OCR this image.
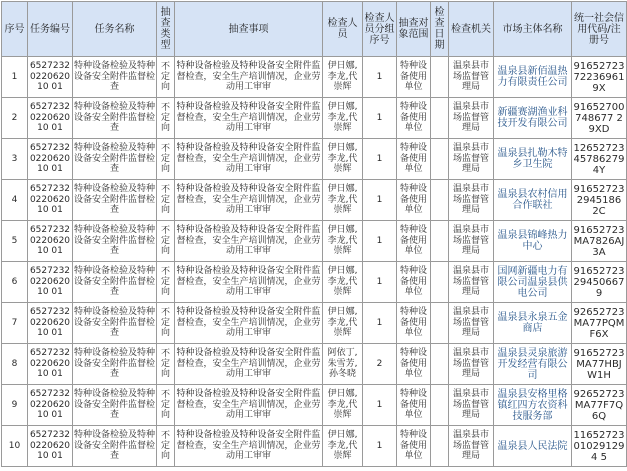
序号	任务编号	任务名称	抽查类型	抽查事项	检查人员	检查人员分组序号	抽查对象范围	检查日期	检查机关	市场主体名称	统一社会信用代码/注册号
1	6527232022062010 01	特种设备检验及特种设备安全附件监督检查	不定向	特种设备检验及特种设备安全附件监督检查，安全生产培训情况，企业劳动用工审审	伊日娜,李龙,代崇辉	1	特种设备使用单位		温泉县市场监督管理局	温泉县新佰温热力有限责任公司	91652723722369619X
2	6527232022062010 01	特种设备检验及特种设备安全附件监督检查	不定向	特种设备检验及特种设备安全附件监督检查，安全生产培训情况，企业劳动用工审审	伊日娜,李龙,代崇辉	1	特种设备使用单位		温泉县市场监督管理局	新疆赛湖渔业科技开发有限公司	91652700748677 29XD
3	6527232022062010 01	特种设备检验及特种设备安全附件监督检查	不定向	特种设备检验及特种设备安全附件监督检查，安全生产培训情况，企业劳动用工审审	伊日娜,李龙,代崇辉	1	特种设备使用单位		温泉县市场监督管理局	温泉县扎勒木特乡卫生院	12652723457862794Y
4	6527232022062010 01	特种设备检验及特种设备安全附件监督检查	不定向	特种设备检验及特种设备安全附件监督检查，安全生产培训情况，企业劳动用工审审	伊日娜,李龙,代崇辉	1	特种设备使用单位		温泉县市场监督管理局	温泉县农村信用合作联社	916527232945186 2C
5	6527232022062010 01	特种设备检验及特种设备安全附件监督检查	不定向	特种设备检验及特种设备安全附件监督检查，安全生产培训情况，企业劳动用工审审	伊日娜,李龙,代崇辉	1	特种设备使用单位		温泉县市场监督管理局	温泉县锦峰热力中心	91652723MA7826AJ3A
6	6527232022062010 01	特种设备检验及特种设备安全附件监督检查	不定向	特种设备检验及特种设备安全附件监督检查，安全生产培训情况，企业劳动用工审审	伊日娜,李龙,代崇辉	1	特种设备使用单位		温泉县市场监督管理局	国网新疆电力有限公司温泉县供电公司	91652723294506679
7	6527232022062010 01	特种设备检验及特种设备安全附件监督检查	不定向	特种设备检验及特种设备安全附件监督检查，安全生产培训情况，企业劳动用工审审	伊日娜,李龙,代崇辉	1	特种设备使用单位		温泉县市场监督管理局	温泉县永泉五金商店	92652723MA77PQM F6X
8	6527232022062010 01	特种设备检验及特种设备安全附件监督检查	不定向	特种设备检验及特种设备安全附件监督检查，安全生产培训情况，企业劳动用工审审	阿依丁,朱雪芳,孙冬晓	2	特种设备使用单位		温泉县市场监督管理局	温泉县灵泉旅游开发经营有限公司	91652723MA77HBJ W1H
9	6527232022062010 01	特种设备检验及特种设备安全附件监督检查	不定向	特种设备检验及特种设备安全附件监督检查，安全生产培训情况，企业劳动用工审审	伊日娜,李龙,代崇辉	1	特种设备使用单位		温泉县市场监督管理局	温泉县安格里格镇红四方农资科技服务部	92652723MA77F7Q6Q
10	6527232022062010 01	特种设备检验及特种设备安全附件监督检查	不定向	特种设备检验及特种设备安全附件监督检查，安全生产培训情况，企业劳动用工审审	伊日娜,李龙,代崇辉	1	特种设备使用单位		温泉县市场监督管理局	温泉县人民法院	11652723010291294 5
